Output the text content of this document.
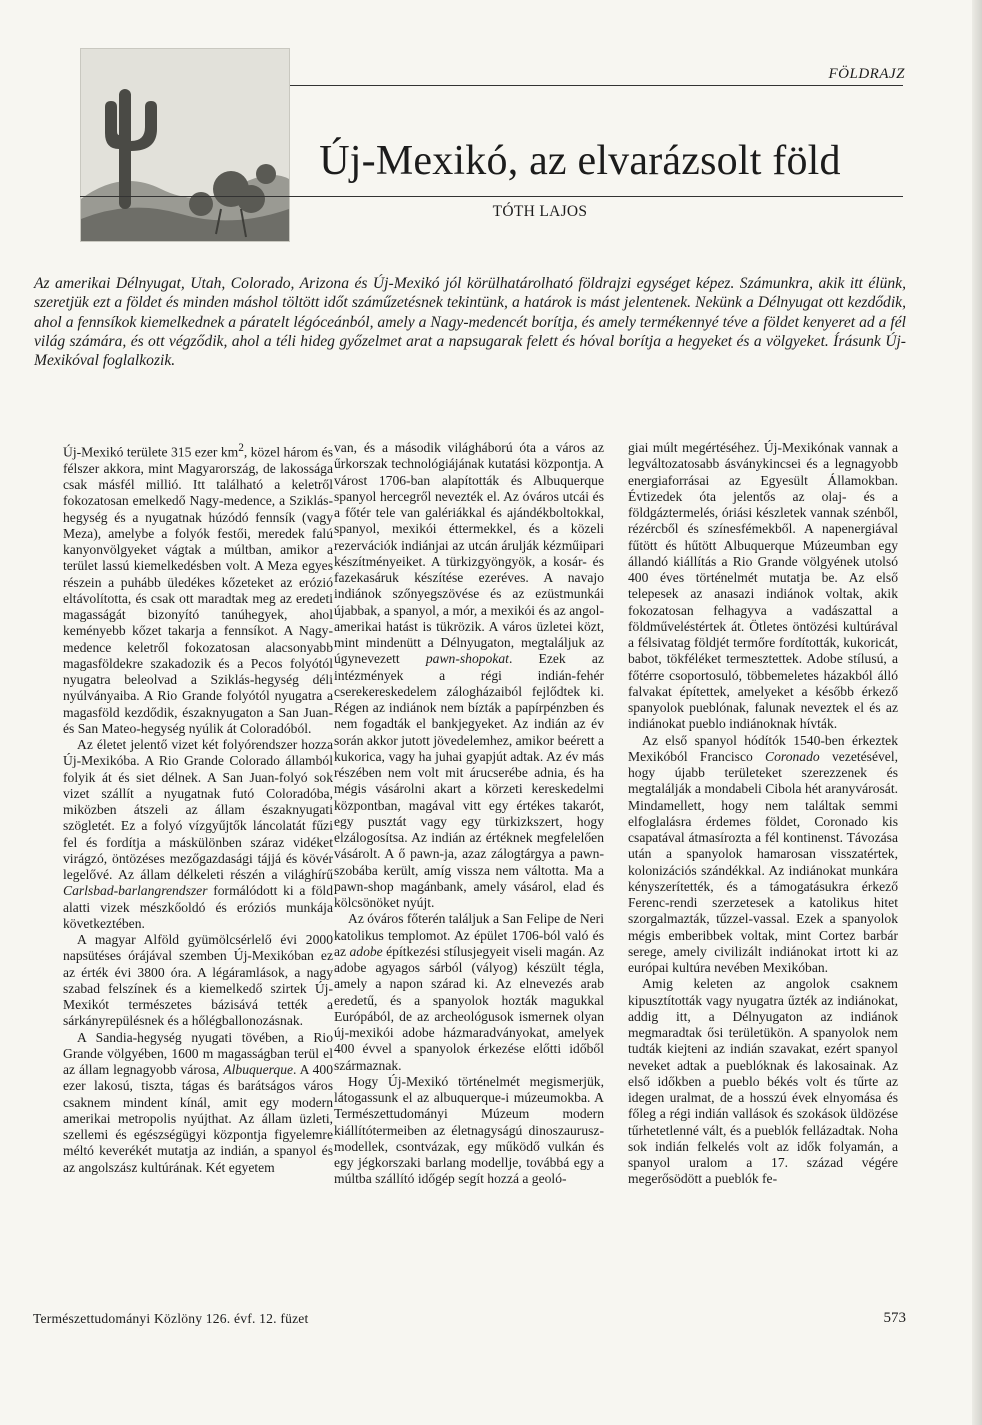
FÖLDRAJZ
Új-Mexikó, az elvarázsolt föld
TÓTH LAJOS

Az amerikai Délnyugat, Utah, Colorado, Arizona és Új-Mexikó jól körülhatárolható földrajzi egységet képez. Számunkra, akik itt élünk, szeretjük ezt a földet és minden máshol töltött időt száműzetésnek tekintünk, a határok is mást jelentenek. Nekünk a Délnyugat ott kezdődik, ahol a fennsíkok kiemelkednek a páratelt légóceánból, amely a Nagy-medencét borítja, és amely termékennyé téve a földet kenyeret ad a fél világ számára, és ott végződik, ahol a téli hideg győzelmet arat a napsugarak felett és hóval borítja a hegyeket és a völgyeket. Írásunk Új-Mexikóval foglalkozik.

Új-Mexikó területe 315 ezer $km^2$, közel három és félszer akkora, mint Magyarország, de lakossága csak másfél millió. Itt található a keletről fokozatosan emelkedő Nagy-medence, a Sziklás-hegység és a nyugatnak húzódó fennsík (vagy Meza), amelybe a folyók festői, meredek falú kanyonvölgyeket vágtak a múltban, amikor a terület lassú kiemelkedésben volt. A Meza egyes részein a puhább üledékes kőzeteket az erózió eltávolította, és csak ott maradtak meg az eredeti magasságát bizonyító tanúhegyek, ahol keményebb kőzet takarja a fennsíkot. A Nagy-medence keletről fokozatosan alacsonyabb magasföldekre szakadozik és a Pecos folyótól nyugatra beleolvad a Sziklás-hegység déli nyúlványaiba. A Rio Grande folyótól nyugatra a magasföld kezdődik, északnyugaton a San Juan- és San Mateo-hegység nyúlik át Coloradóból.

Az életet jelentő vizet két folyórendszer hozza Új-Mexikóba. A Rio Grande Colorado államból folyik át és siet délnek. A San Juan-folyó sok vizet szállít a nyugatnak futó Coloradóba, miközben átszeli az állam északnyugati szögletét. Ez a folyó vízgyűjtők láncolatát fűzi fel és fordítja a máskülönben száraz vidéket virágzó, öntözéses mezőgazdasági tájjá és kövér legelővé. Az állam délkeleti részén a világhírű Carlsbad-barlangrendszer formálódott ki a föld alatti vizek mészkőoldó és eróziós munkája következtében.

A magyar Alföld gyümölcsérlelő évi 2000 napsütéses órájával szemben Új-Mexikóban ez az érték évi 3800 óra. A légáramlások, a nagy szabad felszínek és a kiemelkedő szirtek Új-Mexikót természetes bázisává tették a sárkányrepülésnek és a hőlégballonozásnak.

A Sandia-hegység nyugati tövében, a Rio Grande völgyében, 1600 m magasságban terül el az állam legnagyobb városa, Albuquerque. A 400 ezer lakosú, tiszta, tágas és barátságos város csaknem mindent kínál, amit egy modern amerikai metropolis nyújthat. Az állam üzleti, szellemi és egészségügyi központja figyelemre méltó keverékét mutatja az indián, a spanyol és az angolszász kultúrának. Két egyetem

van, és a második világháború óta a város az űrkorszak technológiájának kutatási központja. A várost 1706-ban alapították és Albuquerque spanyol hercegről nevezték el. Az óváros utcái és a főtér tele van galériákkal és ajándékboltokkal, spanyol, mexikói éttermekkel, és a közeli rezervációk indiánjai az utcán árulják kézműipari készítményeiket. A türkizgyöngyök, a kosár- és fazekasáruk készítése ezeréves. A navajo indiánok szőnyegszövése és az ezüstmunkái újabbak, a spanyol, a mór, a mexikói és az angol-amerikai hatást is tükrözik. A város üzletei közt, mint mindenütt a Délnyugaton, megtaláljuk az úgynevezett pawn-shopokat. Ezek az intézmények a régi indián-fehér cserekereskedelem zálogházaiból fejlődtek ki. Régen az indiánok nem bízták a papírpénzben és nem fogadták el bankjegyeket. Az indián az év során akkor jutott jövedelemhez, amikor beérett a kukorica, vagy ha juhai gyapjút adtak. Az év más részében nem volt mit árucserébe adnia, és ha mégis vásárolni akart a körzeti kereskedelmi központban, magával vitt egy értékes takarót, egy pusztát vagy egy türkizkszert, hogy elzálogosítsa. Az indián az értéknek megfelelően vásárolt. A ő pawn-ja, azaz zálogtárgya a pawn-szobába került, amíg vissza nem váltotta. Ma a pawn-shop magánbank, amely vásárol, elad és kölcsönöket nyújt.

Az óváros főterén találjuk a San Felipe de Neri katolikus templomot. Az épület 1706-ból való és az adobe építkezési stílusjegyeit viseli magán. Az adobe agyagos sárból (vályog) készült tégla, amely a napon szárad ki. Az elnevezés arab eredetű, és a spanyolok hozták magukkal Európából, de az archeológusok ismernek olyan új-mexikói adobe házmaradványokat, amelyek 400 évvel a spanyolok érkezése előtti időből származnak.

Hogy Új-Mexikó történelmét megismerjük, látogassunk el az albuquerque-i múzeumokba. A Természettudományi Múzeum modern kiállítótermeiben az életnagyságú dinoszaurusz-modellek, csontvázak, egy működő vulkán és egy jégkorszaki barlang modellje, továbbá egy a múltba szállító időgép segít hozzá a geoló-

giai múlt megértéséhez. Új-Mexikónak vannak a legváltozatosabb ásványkincsei és a legnagyobb energiaforrásai az Egyesült Államokban. Évtizedek óta jelentős az olaj- és a földgáztermelés, óriási készletek vannak szénből, rézércből és színesfémekből. A napenergiával fűtött és hűtött Albuquerque Múzeumban egy állandó kiállítás a Rio Grande völgyének utolsó 400 éves történelmét mutatja be. Az első telepesek az anasazi indiánok voltak, akik fokozatosan felhagyva a vadászattal a földműveléstértek át. Ötletes öntözési kultúrával a félsivatag földjét termőre fordították, kukoricát, babot, tökféléket termesztettek. Adobe stílusú, a főtérre csoportosuló, többemeletes házakból álló falvakat építettek, amelyeket a később érkező spanyolok pueblónak, falunak neveztek el és az indiánokat pueblo indiánoknak hívták.

Az első spanyol hódítók 1540-ben érkeztek Mexikóból Francisco Coronado vezetésével, hogy újabb területeket szerezzenek és megtalálják a mondabeli Cibola hét aranyvárosát. Mindamellett, hogy nem találtak semmi elfoglalásra érdemes földet, Coronado kis csapatával átmasírozta a fél kontinenst. Távozása után a spanyolok hamarosan visszatértek, kolonizációs szándékkal. Az indiánokat munkára kényszerítették, és a támogatásukra érkező Ferenc-rendi szerzetesek a katolikus hitet szorgalmazták, tűzzel-vassal. Ezek a spanyolok mégis emberibbek voltak, mint Cortez barbár serege, amely civilizált indiánokat irtott ki az európai kultúra nevében Mexikóban.

Amig keleten az angolok csaknem kipusztították vagy nyugatra űzték az indiánokat, addig itt, a Délnyugaton az indiánok megmaradtak ősi területükön. A spanyolok nem tudták kiejteni az indián szavakat, ezért spanyol neveket adtak a pueblóknak és lakosainak. Az első időkben a pueblo békés volt és tűrte az idegen uralmat, de a hosszú évek elnyomása és főleg a régi indián vallások és szokások üldözése tűrhetetlenné vált, és a pueblók fellázadtak. Noha sok indián felkelés volt az idők folyamán, a spanyol uralom a 17. század végére megerősödött a pueblók fe-

Természettudományi Közlöny 126. évf. 12. füzet	573
